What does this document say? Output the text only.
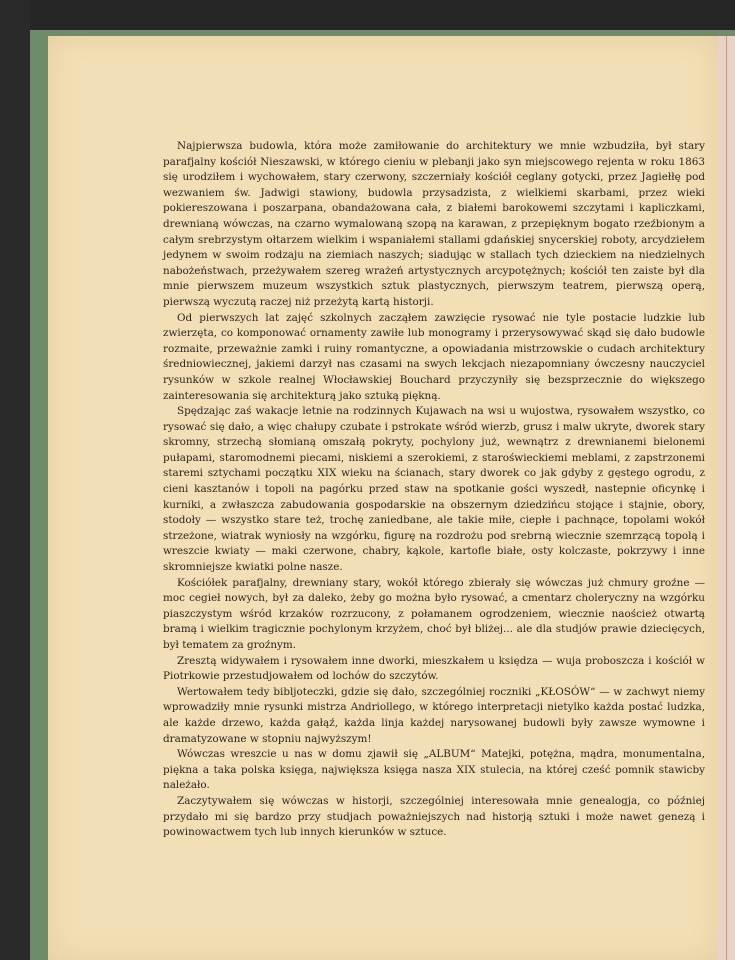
Najpierwsza budowla, która może zamiłowanie do architektury we mnie wzbudziła, był stary parafjalny kościół Nieszawski, w którego cieniu w plebanji jako syn miejscowego rejenta w roku 1863 się urodziłem i wychowałem, stary czerwony, szczerniały kościół ceglany gotycki, przez Jagiełłę pod wezwaniem św. Jadwigi stawiony, budowla przysadzista, z wielkiemi skarbami, przez wieki pokiereszowana i poszarpana, obandażowana cała, z białemi barokowemi szczytami i kapliczkami, drewnianą wówczas, na czarno wymalowaną szopą na karawan, z przepięknym bogato rzeźbionym a całym srebrzystym ołtarzem wielkim i wspaniałemi stallami gdańskiej snycerskiej roboty, arcydziełem jedynem w swoim rodzaju na ziemiach naszych; siadując w stallach tych dzieckiem na niedzielnych nabożeństwach, przeżywałem szereg wrażeń artystycznych arcypotężnych; kościół ten zaiste był dla mnie pierwszem muzeum wszystkich sztuk plastycznych, pierwszym teatrem, pierwszą operą, pierwszą wyczutą raczej niż przeżytą kartą historji.

Od pierwszych lat zajęć szkolnych zacząłem zawzięcie rysować nie tyle postacie ludzkie lub zwierzęta, co komponować ornamenty zawiłe lub monogramy i przerysowywać skąd się dało budowle rozmaite, przeważnie zamki i ruiny romantyczne, a opowiadania mistrzowskie o cudach architektury średniowiecznej, jakiemi darzył nas czasami na swych lekcjach niezapomniany ówczesny nauczyciel rysunków w szkole realnej Włocławskiej Bouchard przyczyniły się bezsprzecznie do większego zainteresowania się architekturą jako sztuką piękną.

Spędzając zaś wakacje letnie na rodzinnych Kujawach na wsi u wujostwa, rysowałem wszystko, co rysować się dało, a więc chałupy czubate i pstrokate wśród wierzb, grusz i malw ukryte, dworek stary skromny, strzechą słomianą omszałą pokryty, pochylony już, wewnątrz z drewnianemi bielonemi pułapami, staromodnemi piecami, niskiemi a szerokiemi, z staroświeckiemi meblami, z zapstrzonemi staremi sztychami początku XIX wieku na ścianach, stary dworek co jak gdyby z gęstego ogrodu, z cieni kasztanów i topoli na pagórku przed staw na spotkanie gości wyszedł, nastepnie oficynkę i kurniki, a zwłaszcza zabudowania gospodarskie na obszernym dziedzińcu stojące i stajnie, obory, stodoły — wszystko stare też, trochę zaniedbane, ale takie miłe, ciepłe i pachnące, topolami wokół strzeżone, wiatrak wyniosły na wzgórku, figurę na rozdrożu pod srebrną wiecznie szemrzącą topolą i wreszcie kwiaty — maki czerwone, chabry, kąkole, kartofle białe, osty kolczaste, pokrzywy i inne skromniejsze kwiatki polne nasze.

Kościółek parafjalny, drewniany stary, wokół którego zbierały się wówczas już chmury groźne — moc cegieł nowych, był za daleko, żeby go można było rysować, a cmentarz choleryczny na wzgórku piaszczystym wśród krzaków rozrzucony, z połamanem ogrodzeniem, wiecznie naoścież otwartą bramą i wielkim tragicznie pochylonym krzyżem, choć był bliżej... ale dla studjów prawie dziecięcych, był tematem za groźnym.

Zresztą widywałem i rysowałem inne dworki, mieszkałem u księdza — wuja proboszcza i kościół w Piotrkowie przestudjowałem od lochów do szczytów.

Wertowałem tedy bibljoteczki, gdzie się dało, szczególniej roczniki „KŁOSÓW“ — w zachwyt niemy wprowadziły mnie rysunki mistrza Andriollego, w którego interpretacji nietylko każda postać ludzka, ale każde drzewo, każda gałąź, każda linja każdej narysowanej budowli były zawsze wymowne i dramatyzowane w stopniu najwyższym!

Wówczas wreszcie u nas w domu zjawił się „ALBUM“ Matejki, potężna, mądra, monumentalna, piękna a taka polska księga, największa księga nasza XIX stulecia, na której cześć pomnik stawicby należało.

Zaczytywałem się wówczas w historji, szczególniej interesowała mnie genealogja, co później przydało mi się bardzo przy studjach poważniejszych nad historją sztuki i może nawet genezą i powinowactwem tych lub innych kierunków w sztuce.
